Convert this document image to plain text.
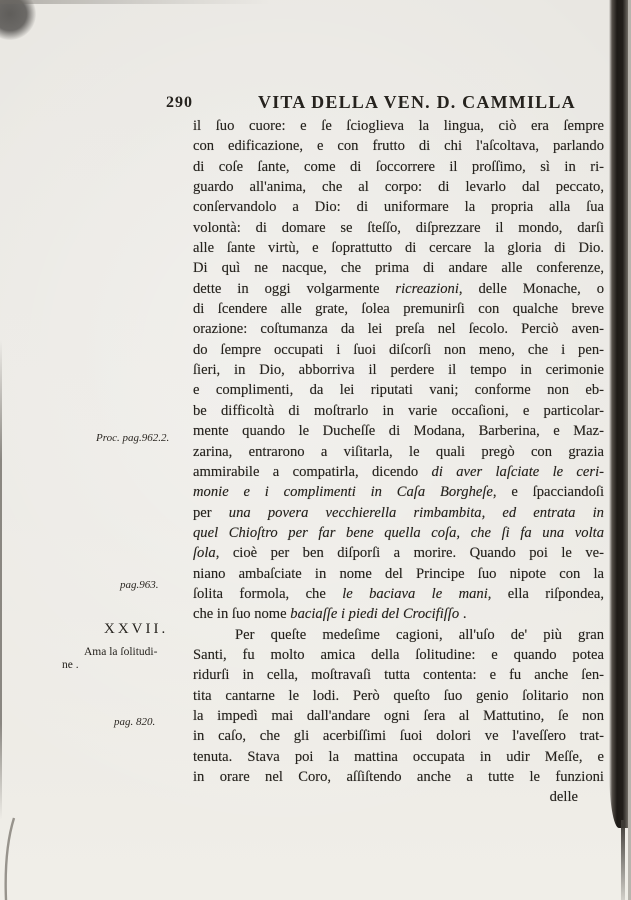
290	VITA DELLA VEN. D. CAMMILLA
Proc. pag.962.2.
pag.963.
XXVII.
Ama la ſolitudi-
ne .
pag. 820.
il ſuo cuore: e ſe ſcioglieva la lingua, ciò era ſempre
con edificazione, e con frutto di chi l'aſcoltava, parlando
di coſe ſante, come di ſoccorrere il proſſimo, sì in ri-
guardo all'anima, che al corpo: di levarlo dal peccato,
conſervandolo a Dio: di uniformare la propria alla ſua
volontà: di domare se ſteſſo, diſprezzare il mondo, darſi
alle ſante virtù, e ſoprattutto di cercare la gloria di Dio.
Di quì ne nacque, che prima di andare alle conferenze,
dette in oggi volgarmente ricreazioni, delle Monache, o
di ſcendere alle grate, ſolea premunirſi con qualche breve
orazione: coſtumanza da lei preſa nel ſecolo. Perciò aven-
do ſempre occupati i ſuoi diſcorſi non meno, che i pen-
ſieri, in Dio, abborriva il perdere il tempo in cerimonie
e complimenti, da lei riputati vani; conforme non eb-
be difficoltà di moſtrarlo in varie occaſioni, e particolar-
mente quando le Ducheſſe di Modana, Barberina, e Maz-
zarina, entrarono a viſitarla, le quali pregò con grazia
ammirabile a compatirla, dicendo di aver laſciate le ceri-
monie e i complimenti in Caſa Borgheſe, e ſpacciandoſi
per una povera vecchierella rimbambita, ed entrata in
quel Chioſtro per far bene quella coſa, che ſi fa una volta
ſola, cioè per ben diſporſi a morire. Quando poi le ve-
niano ambaſciate in nome del Principe ſuo nipote con la
ſolita formola, che le baciava le mani, ella riſpondea,
che in ſuo nome baciaſſe i piedi del Crocifiſſo .
Per queſte medeſime cagioni, all'uſo de' più gran
Santi, fu molto amica della ſolitudine: e quando potea
ridurſi in cella, moſtravaſi tutta contenta: e fu anche ſen-
tita cantarne le lodi. Però queſto ſuo genio ſolitario non
la impedì mai dall'andare ogni ſera al Mattutino, ſe non
in caſo, che gli acerbiſſimi ſuoi dolori ve l'aveſſero trat-
tenuta. Stava poi la mattina occupata in udir Meſſe, e
in orare nel Coro, aſſiſtendo anche a tutte le funzioni
delle
